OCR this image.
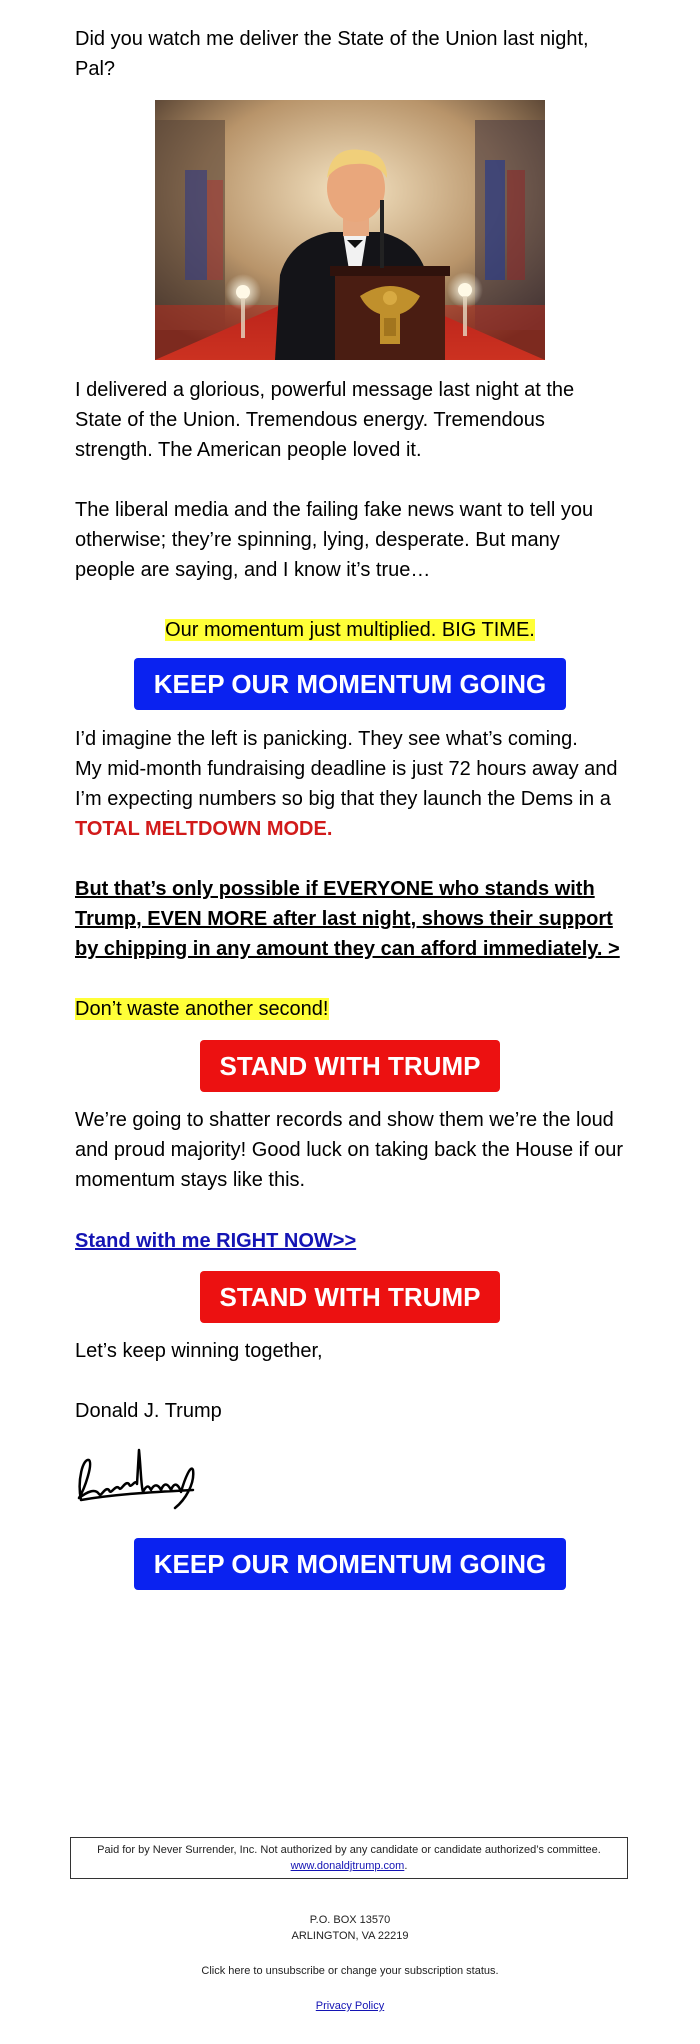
Did you watch me deliver the State of the Union last night, Pal?

I delivered a glorious, powerful message last night at the State of the Union. Tremendous energy. Tremendous strength. The American people loved it.

The liberal media and the failing fake news want to tell you otherwise; they’re spinning, lying, desperate. But many people are saying, and I know it’s true…

Our momentum just multiplied. BIG TIME.
KEEP OUR MOMENTUM GOING

I’d imagine the left is panicking. They see what’s coming.

My mid-month fundraising deadline is just 72 hours away and I’m expecting numbers so big that they launch the Dems in a TOTAL MELTDOWN MODE.

But that’s only possible if EVERYONE who stands with Trump, EVEN MORE after last night, shows their support by chipping in any amount they can afford immediately. >

Don’t waste another second!
STAND WITH TRUMP

We’re going to shatter records and show them we’re the loud and proud majority! Good luck on taking back the House if our momentum stays like this.

Stand with me RIGHT NOW>>
STAND WITH TRUMP

Let’s keep winning together,

Donald J. Trump

KEEP OUR MOMENTUM GOING
Paid for by Never Surrender, Inc. Not authorized by any candidate or candidate authorized’s committee.
www.donaldjtrump.com.
P.O. BOX 13570
ARLINGTON, VA 22219
Click here to unsubscribe or change your subscription status.
Privacy Policy
